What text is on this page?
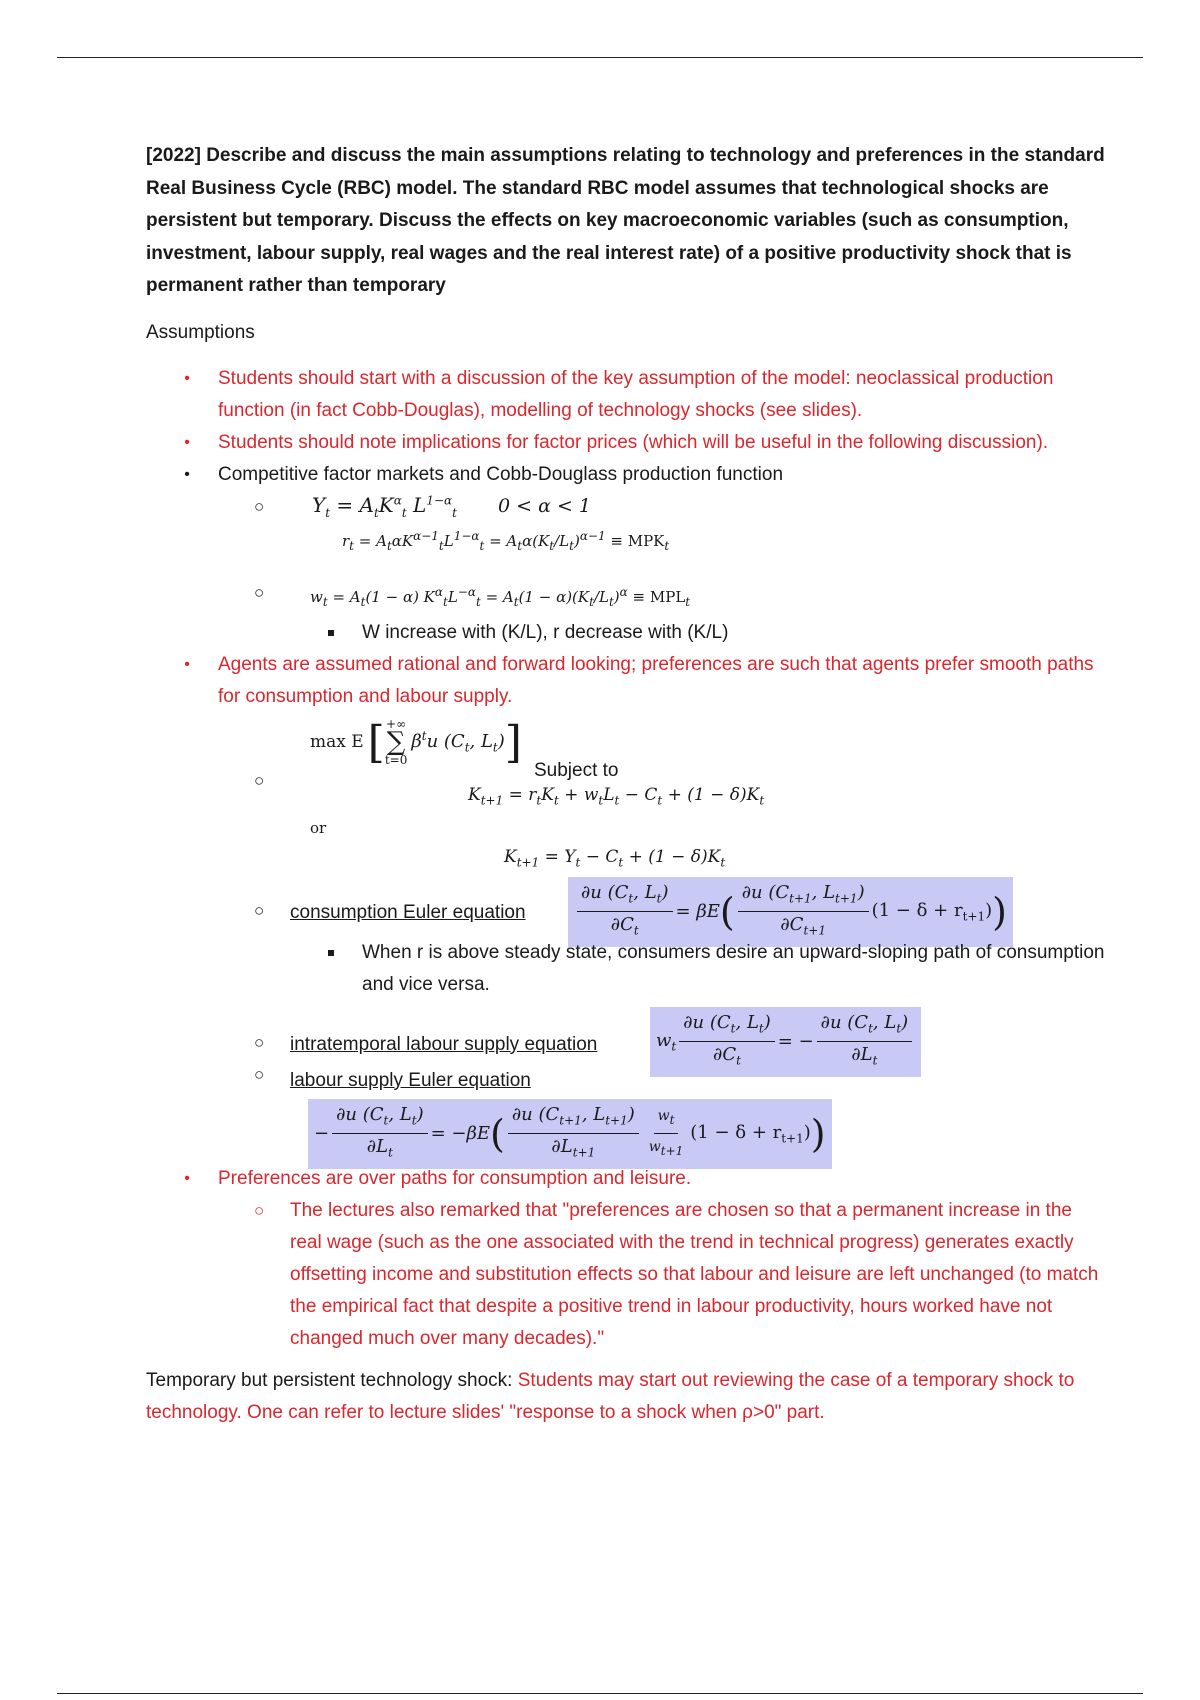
[2022] Describe and discuss the main assumptions relating to technology and preferences in the standard Real Business Cycle (RBC) model. The standard RBC model assumes that technological shocks are persistent but temporary. Discuss the effects on key macroeconomic variables (such as consumption, investment, labour supply, real wages and the real interest rate) of a positive productivity shock that is permanent rather than temporary

Assumptions

• Students should start with a discussion of the key assumption of the model: neoclassical production function (in fact Cobb-Douglas), modelling of technology shocks (see slides).
• Students should note implications for factor prices (which will be useful in the following discussion).
• Competitive factor markets and Cobb-Douglass production function
○ $Y_t = A_tK^\alpha_t$ $L^{1-\alpha}_t$ 0 < α < 1
$r_t = A_t\alpha K^{\alpha-1}_tL^{1-\alpha}_t = A_t\alpha(K_t/L_t)^{\alpha-1} \equiv MPK_t$
○	$w_t = A_t(1 - \alpha) K^\alpha_tL^{-\alpha}_t = A_t(1 - \alpha)(K_t/L_t)^\alpha \equiv MPL_t$
W increase with (K/L), r decrease with (K/L)
• Agents are assumed rational and forward looking; preferences are such that agents prefer smooth paths for consumption and labour supply.
○
max E [ +∞
∑
t=0
$\beta^tu$ ($C_t$, $L_t$) ]
Subject to
$K_{t+1} = r_tK_t + w_tL_t - C_t + (1 - \delta)K_t$
or
$K_{t+1} = Y_t - C_t + (1 - \delta)K_t$
○ consumption Euler equation	$\frac{\partial u (C_t, L_t)}{\partial C_t} = \beta E$ ( $\frac{\partial u (C_{t+1}, L_{t+1})}{\partial C_{t+1}} (1 - \delta + r_{t+1})$ )
When r is above steady state, consumers desire an upward-sloping path of consumption and vice versa.
○ intratemporal labour supply equation	$w_t \frac{\partial u (C_t, L_t)}{\partial C_t}$ = − $\frac{\partial u (C_t, L_t)}{\partial L_t}$
○ labour supply Euler equation
− $\frac{\partial u (C_t, L_t)}{\partial L_t} = -\beta E$ ( $\frac{\partial u (C_{t+1}, L_{t+1})}{\partial L_{t+1}} \frac{wt}{wt+1} (1 - \delta + r_{t+1})$ )
• Preferences are over paths for consumption and leisure.
○ The lectures also remarked that "preferences are chosen so that a permanent increase in the real wage (such as the one associated with the trend in technical progress) generates exactly offsetting income and substitution effects so that labour and leisure are left unchanged (to match the empirical fact that despite a positive trend in labour productivity, hours worked have not changed much over many decades)."

Temporary but persistent technology shock: Students may start out reviewing the case of a temporary shock to technology. One can refer to lecture slides' "response to a shock when ρ>0" part.
